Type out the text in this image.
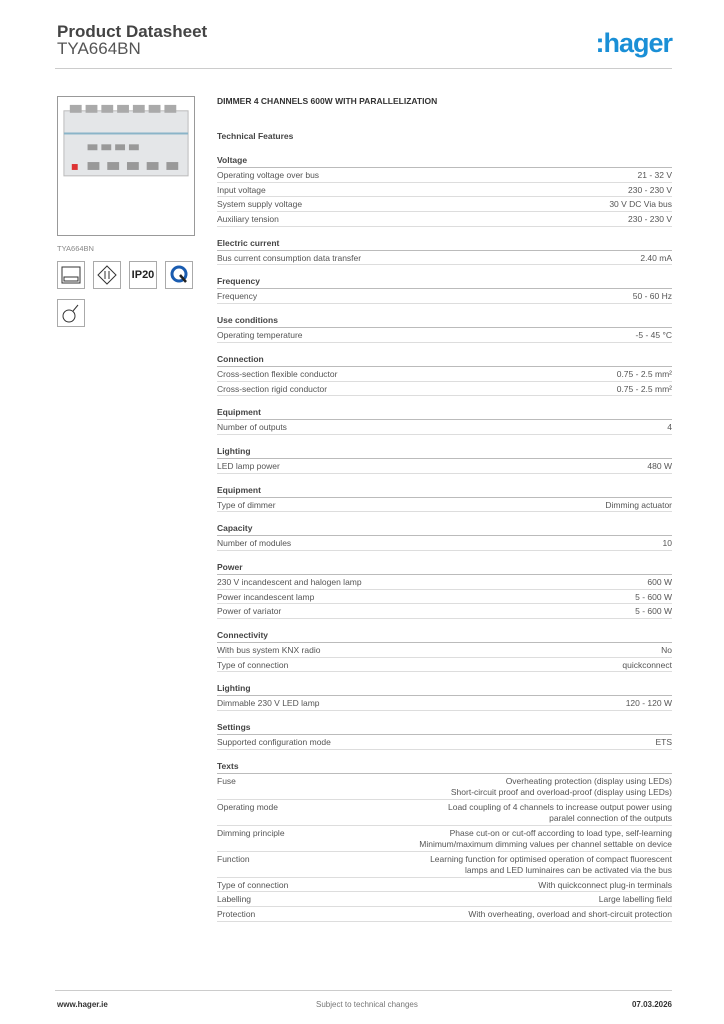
Product Datasheet
TYA664BN	:hager
TYA664BN
IP20
DIMMER 4 CHANNELS 600W WITH PARALLELIZATION
Technical Features
Voltage
Operating voltage over bus	21 - 32 V
Input voltage	230 - 230 V
System supply voltage	30 V DC Via bus
Auxiliary tension	230 - 230 V
Electric current
Bus current consumption data transfer	2.40 mA
Frequency
Frequency	50 - 60 Hz
Use conditions
Operating temperature	-5 - 45 °C
Connection
Cross-section flexible conductor	0.75 - 2.5 mm²
Cross-section rigid conductor	0.75 - 2.5 mm²
Equipment
Number of outputs	4
Lighting
LED lamp power	480 W
Equipment
Type of dimmer	Dimming actuator
Capacity
Number of modules	10
Power
230 V incandescent and halogen lamp	600 W
Power incandescent lamp	5 - 600 W
Power of variator	5 - 600 W
Connectivity
With bus system KNX radio	No
Type of connection	quickconnect
Lighting
Dimmable 230 V LED lamp	120 - 120 W
Settings
Supported configuration mode	ETS
Texts
Fuse	Overheating protection (display using LEDs)
Short-circuit proof and overload-proof (display using LEDs)
Operating mode	Load coupling of 4 channels to increase output power using
paralel connection of the outputs
Dimming principle	Phase cut-on or cut-off according to load type, self-learning
Minimum/maximum dimming values per channel settable on device
Function	Learning function for optimised operation of compact fluorescent
lamps and LED luminaires can be activated via the bus
Type of connection	With quickconnect plug-in terminals
Labelling	Large labelling field
Protection	With overheating, overload and short-circuit protection
www.hager.ie	Subject to technical changes	07.03.2026
